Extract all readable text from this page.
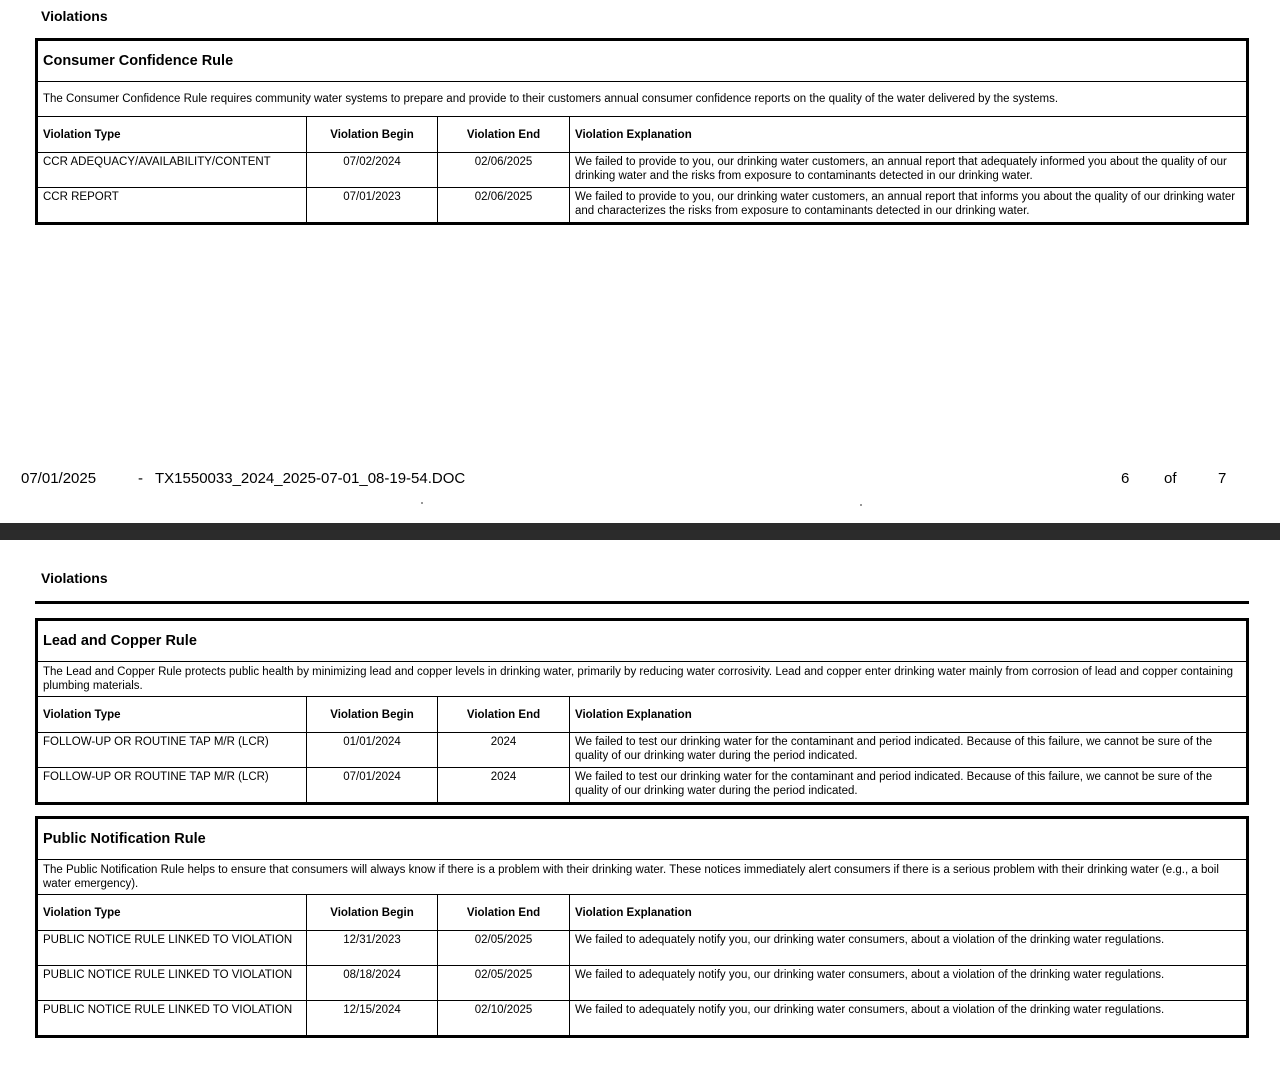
Violations
Consumer Confidence Rule			
The Consumer Confidence Rule requires community water systems to prepare and provide to their customers annual consumer confidence reports on the quality of the water delivered by the systems.			
Violation Type	Violation Begin	Violation End	Violation Explanation
CCR ADEQUACY/AVAILABILITY/CONTENT	07/02/2024	02/06/2025	We failed to provide to you, our drinking water customers, an annual report that adequately informed you about the quality of our drinking water and the risks from exposure to contaminants detected in our drinking water.
CCR REPORT	07/01/2023	02/06/2025	We failed to provide to you, our drinking water customers, an annual report that informs you about the quality of our drinking water and characterizes the risks from exposure to contaminants detected in our drinking water.
07/01/2025	- TX1550033_2024_2025-07-01_08-19-54.DOC	6 of	7
Violations
Lead and Copper Rule			
The Lead and Copper Rule protects public health by minimizing lead and copper levels in drinking water, primarily by reducing water corrosivity. Lead and copper enter drinking water mainly from corrosion of lead and copper containing plumbing materials.			
Violation Type	Violation Begin	Violation End	Violation Explanation
FOLLOW-UP OR ROUTINE TAP M/R (LCR)	01/01/2024	2024	We failed to test our drinking water for the contaminant and period indicated. Because of this failure, we cannot be sure of the quality of our drinking water during the period indicated.
FOLLOW-UP OR ROUTINE TAP M/R (LCR)	07/01/2024	2024	We failed to test our drinking water for the contaminant and period indicated. Because of this failure, we cannot be sure of the quality of our drinking water during the period indicated.
Public Notification Rule			
The Public Notification Rule helps to ensure that consumers will always know if there is a problem with their drinking water. These notices immediately alert consumers if there is a serious problem with their drinking water (e.g., a boil water emergency).			
Violation Type	Violation Begin	Violation End	Violation Explanation
PUBLIC NOTICE RULE LINKED TO VIOLATION	12/31/2023	02/05/2025	We failed to adequately notify you, our drinking water consumers, about a violation of the drinking water regulations.
PUBLIC NOTICE RULE LINKED TO VIOLATION	08/18/2024	02/05/2025	We failed to adequately notify you, our drinking water consumers, about a violation of the drinking water regulations.
PUBLIC NOTICE RULE LINKED TO VIOLATION	12/15/2024	02/10/2025	We failed to adequately notify you, our drinking water consumers, about a violation of the drinking water regulations.
